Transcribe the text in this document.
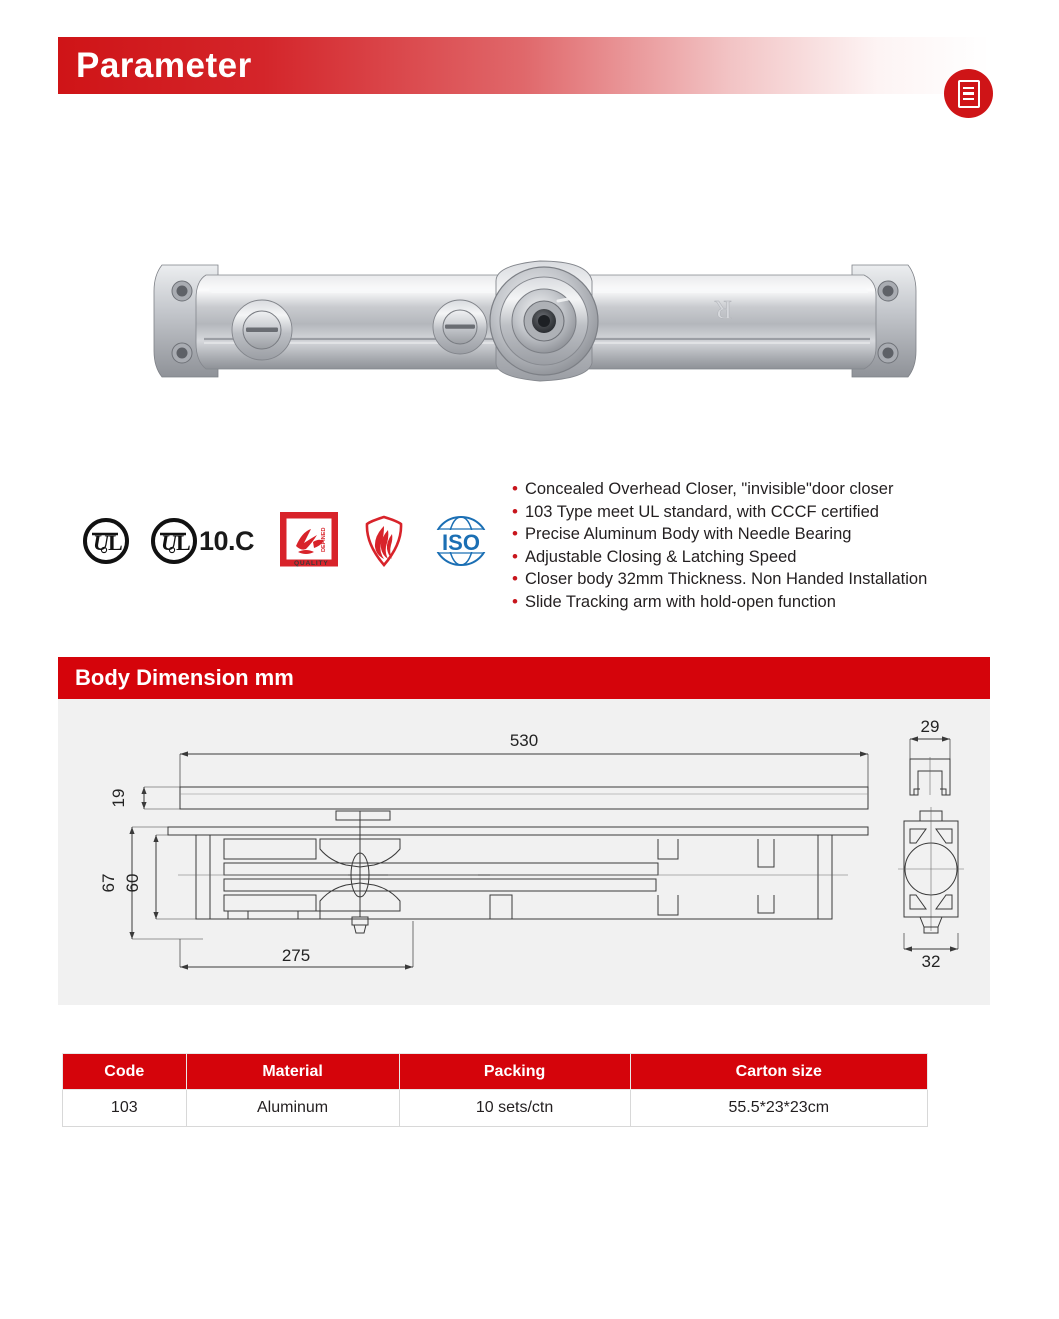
Parameter
R
U L U L 10.C	DEFINED
QUALITY
ISO
• Concealed Overhead Closer, "invisible"door closer
• 103 Type meet UL standard, with CCCF certified
• Precise Aluminum Body with Needle Bearing
• Adjustable Closing & Latching Speed
• Closer body 32mm Thickness. Non Handed Installation
• Slide Tracking arm with hold-open function
Body Dimension mm
530
19
67 60
275
29
32
Code	Material	Packing	Carton size
103	Aluminum	10 sets/ctn	55.5*23*23cm
